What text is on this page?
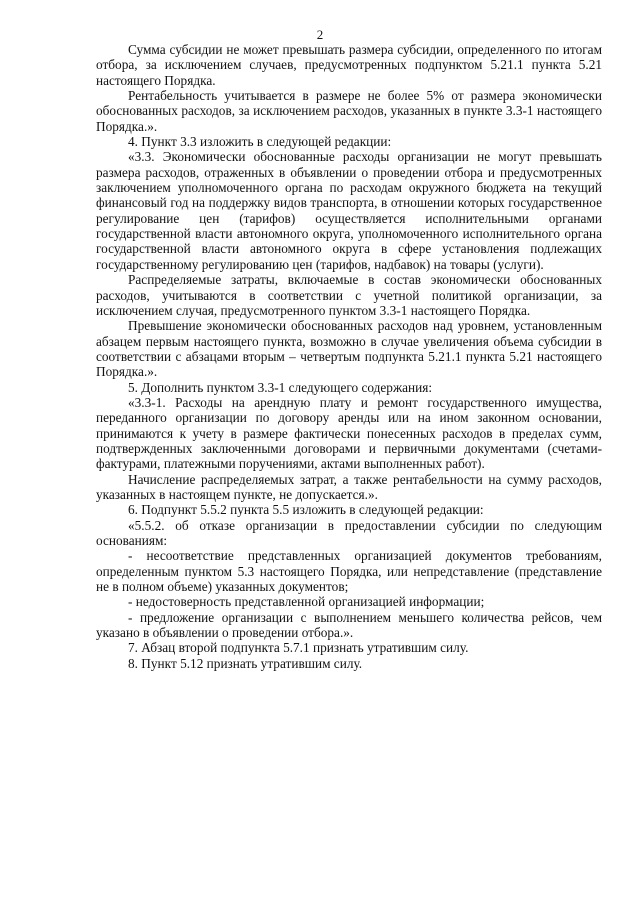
2

Сумма субсидии не может превышать размера субсидии, определенного по итогам отбора, за исключением случаев, предусмотренных подпунктом 5.21.1 пункта 5.21 настоящего Порядка.

Рентабельность учитывается в размере не более 5% от размера экономически обоснованных расходов, за исключением расходов, указанных в пункте 3.3-1 настоящего Порядка.».

4. Пункт 3.3 изложить в следующей редакции:

«3.3. Экономически обоснованные расходы организации не могут превышать размера расходов, отраженных в объявлении о проведении отбора и предусмотренных заключением уполномоченного органа по расходам окружного бюджета на текущий финансовый год на поддержку видов транспорта, в отношении которых государственное регулирование цен (тарифов) осуществляется исполнительными органами государственной власти автономного округа, уполномоченного исполнительного органа государственной власти автономного округа в сфере установления подлежащих государственному регулированию цен (тарифов, надбавок) на товары (услуги).

Распределяемые затраты, включаемые в состав экономически обоснованных расходов, учитываются в соответствии с учетной политикой организации, за исключением случая, предусмотренного пунктом 3.3-1 настоящего Порядка.

Превышение экономически обоснованных расходов над уровнем, установленным абзацем первым настоящего пункта, возможно в случае увеличения объема субсидии в соответствии с абзацами вторым – четвертым подпункта 5.21.1 пункта 5.21 настоящего Порядка.».

5. Дополнить пунктом 3.3-1 следующего содержания:

«3.3-1. Расходы на арендную плату и ремонт государственного имущества, переданного организации по договору аренды или на ином законном основании, принимаются к учету в размере фактически понесенных расходов в пределах сумм, подтвержденных заключенными договорами и первичными документами (счетами-фактурами, платежными поручениями, актами выполненных работ).

Начисление распределяемых затрат, а также рентабельности на сумму расходов, указанных в настоящем пункте, не допускается.».

6. Подпункт 5.5.2 пункта 5.5 изложить в следующей редакции:

«5.5.2. об отказе организации в предоставлении субсидии по следующим основаниям:

- несоответствие представленных организацией документов требованиям, определенным пунктом 5.3 настоящего Порядка, или непредставление (представление не в полном объеме) указанных документов;

- недостоверность представленной организацией информации;

- предложение организации с выполнением меньшего количества рейсов, чем указано в объявлении о проведении отбора.».

7. Абзац второй подпункта 5.7.1 признать утратившим силу.

8. Пункт 5.12 признать утратившим силу.
